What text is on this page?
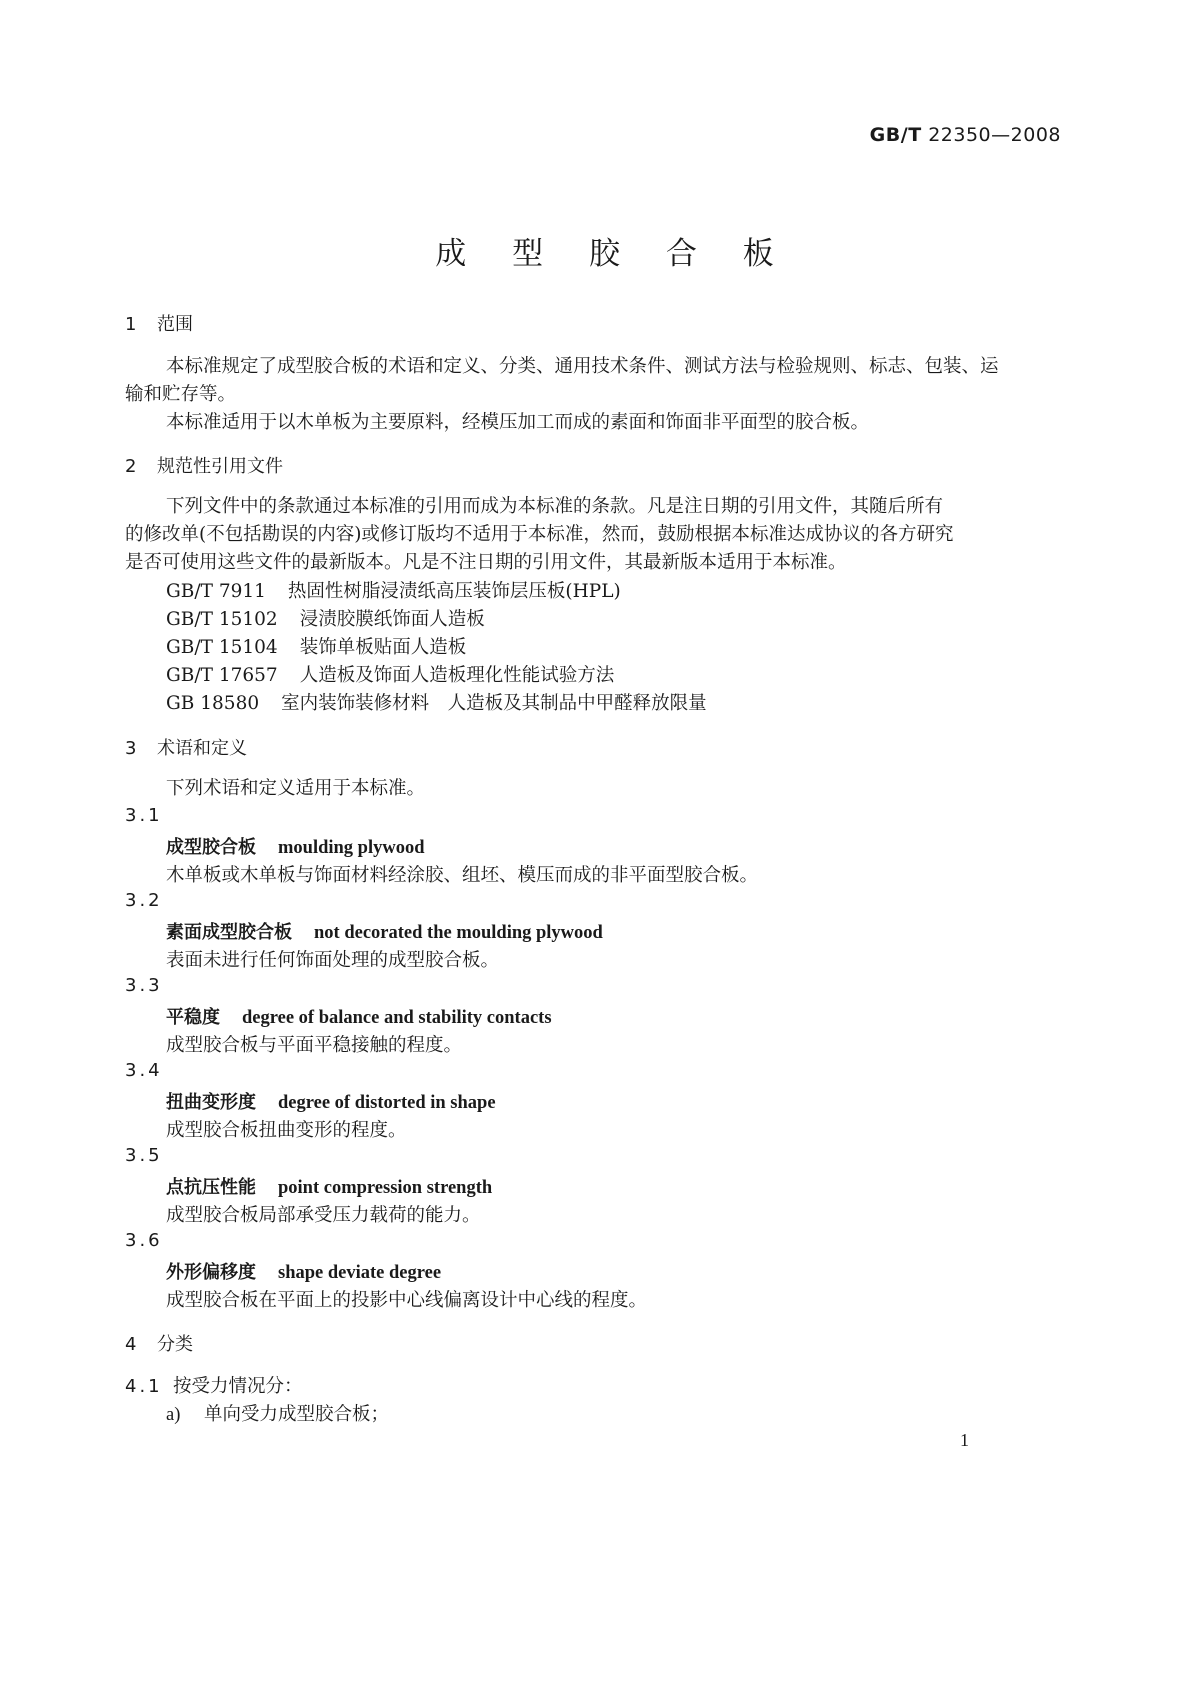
GB/T 22350—2008
成 型 胶 合 板
1 范围
本标准规定了成型胶合板的术语和定义、分类、通用技术条件、测试方法与检验规则、标志、包装、运
输和贮存等。
本标准适用于以木单板为主要原料，经模压加工而成的素面和饰面非平面型的胶合板。
2 规范性引用文件
下列文件中的条款通过本标准的引用而成为本标准的条款。凡是注日期的引用文件，其随后所有
的修改单(不包括勘误的内容)或修订版均不适用于本标准，然而，鼓励根据本标准达成协议的各方研究
是否可使用这些文件的最新版本。凡是不注日期的引用文件，其最新版本适用于本标准。
GB/T 7911 热固性树脂浸渍纸高压装饰层压板(HPL)
GB/T 15102 浸渍胶膜纸饰面人造板
GB/T 15104 装饰单板贴面人造板
GB/T 17657 人造板及饰面人造板理化性能试验方法
GB 18580 室内装饰装修材料　人造板及其制品中甲醛释放限量
3 术语和定义
下列术语和定义适用于本标准。
3.1
成型胶合板 moulding plywood
木单板或木单板与饰面材料经涂胶、组坯、模压而成的非平面型胶合板。
3.2
素面成型胶合板 not decorated the moulding plywood
表面未进行任何饰面处理的成型胶合板。
3.3
平稳度 degree of balance and stability contacts
成型胶合板与平面平稳接触的程度。
3.4
扭曲变形度 degree of distorted in shape
成型胶合板扭曲变形的程度。
3.5
点抗压性能 point compression strength
成型胶合板局部承受压力载荷的能力。
3.6
外形偏移度 shape deviate degree
成型胶合板在平面上的投影中心线偏离设计中心线的程度。
4 分类
4.1 按受力情况分：
a) 单向受力成型胶合板；
1
